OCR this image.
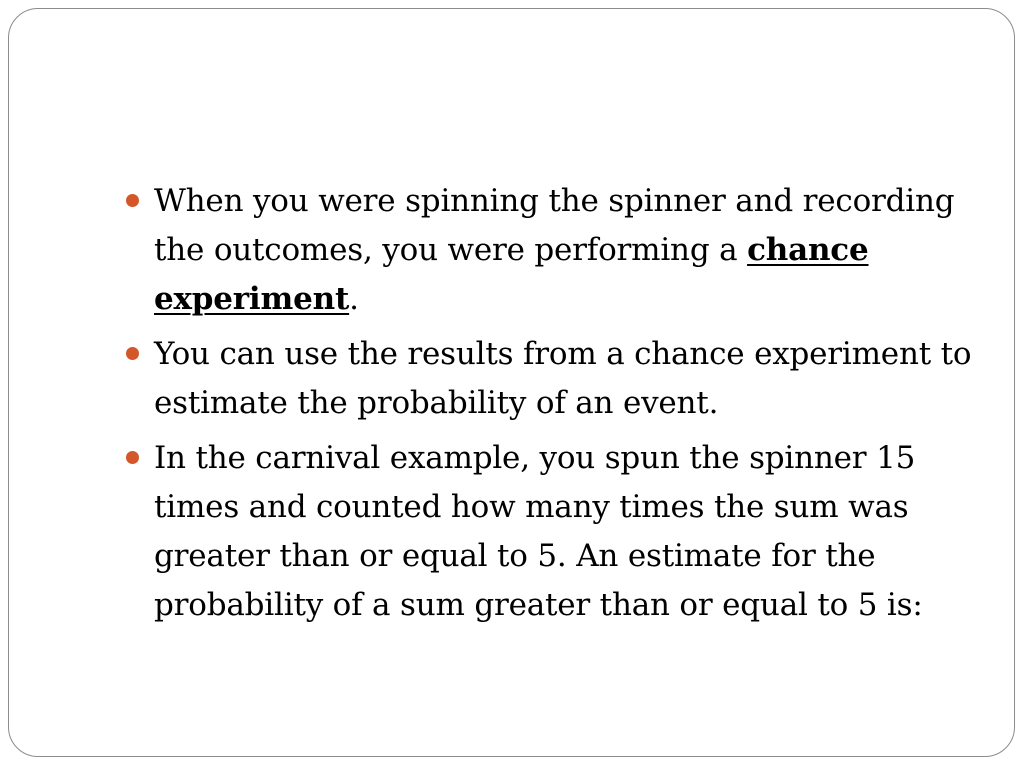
When you were spinning the spinner and recording the outcomes, you were performing a chance experiment.
You can use the results from a chance experiment to estimate the probability of an event.
In the carnival example, you spun the spinner 15 times and counted how many times the sum was greater than or equal to 5. An estimate for the probability of a sum greater than or equal to 5 is:
